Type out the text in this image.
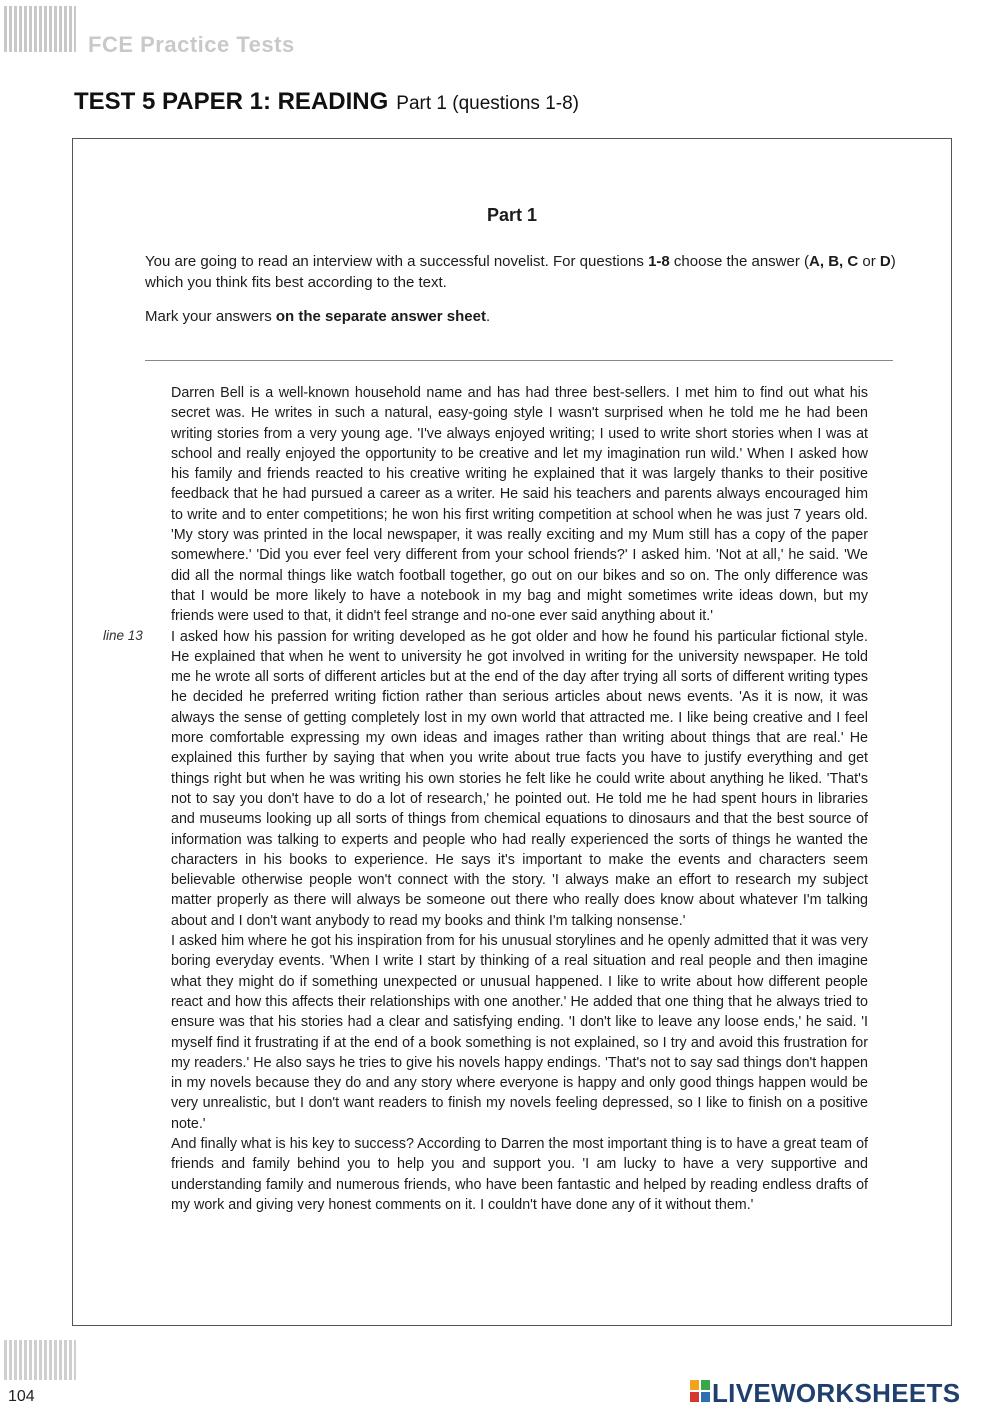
FCE Practice Tests
TEST 5 PAPER 1: READING Part 1 (questions 1-8)
Part 1

You are going to read an interview with a successful novelist. For questions 1-8 choose the answer (A, B, C or D) which you think fits best according to the text.

Mark your answers on the separate answer sheet.

line 13

Darren Bell is a well-known household name and has had three best-sellers. I met him to find out what his secret was. He writes in such a natural, easy-going style I wasn't surprised when he told me he had been writing stories from a very young age. 'I've always enjoyed writing; I used to write short stories when I was at school and really enjoyed the opportunity to be creative and let my imagination run wild.' When I asked how his family and friends reacted to his creative writing he explained that it was largely thanks to their positive feedback that he had pursued a career as a writer. He said his teachers and parents always encouraged him to write and to enter competitions; he won his first writing competition at school when he was just 7 years old. 'My story was printed in the local newspaper, it was really exciting and my Mum still has a copy of the paper somewhere.' 'Did you ever feel very different from your school friends?' I asked him. 'Not at all,' he said. 'We did all the normal things like watch football together, go out on our bikes and so on. The only difference was that I would be more likely to have a notebook in my bag and might sometimes write ideas down, but my friends were used to that, it didn't feel strange and no-one ever said anything about it.'

I asked how his passion for writing developed as he got older and how he found his particular fictional style. He explained that when he went to university he got involved in writing for the university newspaper. He told me he wrote all sorts of different articles but at the end of the day after trying all sorts of different writing types he decided he preferred writing fiction rather than serious articles about news events. 'As it is now, it was always the sense of getting completely lost in my own world that attracted me. I like being creative and I feel more comfortable expressing my own ideas and images rather than writing about things that are real.' He explained this further by saying that when you write about true facts you have to justify everything and get things right but when he was writing his own stories he felt like he could write about anything he liked. 'That's not to say you don't have to do a lot of research,' he pointed out. He told me he had spent hours in libraries and museums looking up all sorts of things from chemical equations to dinosaurs and that the best source of information was talking to experts and people who had really experienced the sorts of things he wanted the characters in his books to experience. He says it's important to make the events and characters seem believable otherwise people won't connect with the story. 'I always make an effort to research my subject matter properly as there will always be someone out there who really does know about whatever I'm talking about and I don't want anybody to read my books and think I'm talking nonsense.'

I asked him where he got his inspiration from for his unusual storylines and he openly admitted that it was very boring everyday events. 'When I write I start by thinking of a real situation and real people and then imagine what they might do if something unexpected or unusual happened. I like to write about how different people react and how this affects their relationships with one another.' He added that one thing that he always tried to ensure was that his stories had a clear and satisfying ending. 'I don't like to leave any loose ends,' he said. 'I myself find it frustrating if at the end of a book something is not explained, so I try and avoid this frustration for my readers.' He also says he tries to give his novels happy endings. 'That's not to say sad things don't happen in my novels because they do and any story where everyone is happy and only good things happen would be very unrealistic, but I don't want readers to finish my novels feeling depressed, so I like to finish on a positive note.'

And finally what is his key to success? According to Darren the most important thing is to have a great team of friends and family behind you to help you and support you. 'I am lucky to have a very supportive and understanding family and numerous friends, who have been fantastic and helped by reading endless drafts of my work and giving very honest comments on it. I couldn't have done any of it without them.'

104	LIVEWORKSHEETS
